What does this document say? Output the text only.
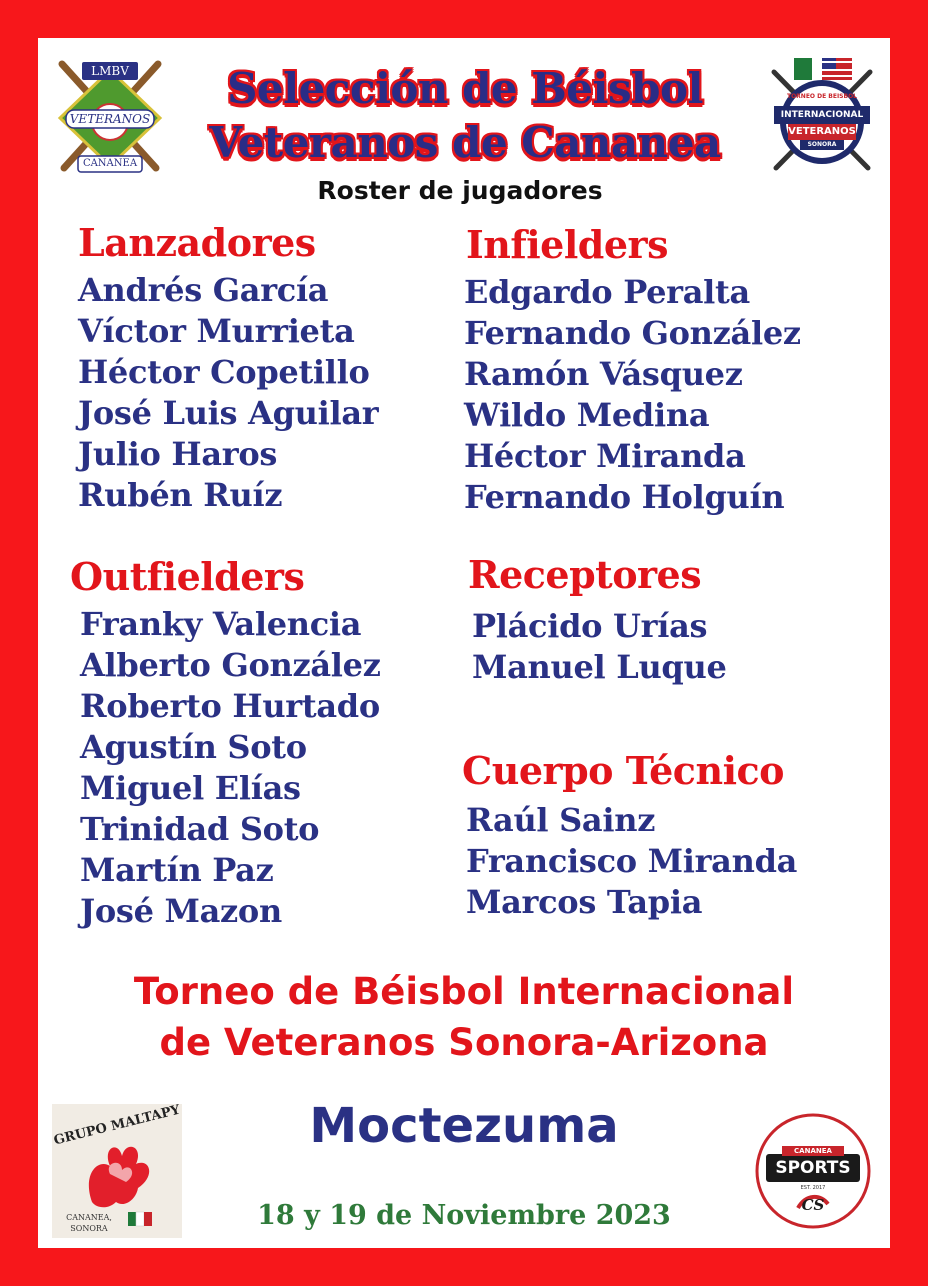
LMBV
VETERANOS
CANANEA
TORNEO DE BEISBOL
INTERNACIONAL
VETERANOS
SONORA
Selección de Béisbol
Veteranos de Cananea
Roster de jugadores
Lanzadores
Andrés García
Víctor Murrieta
Héctor Copetillo
José Luis Aguilar
Julio Haros
Rubén Ruíz
Infielders
Edgardo Peralta
Fernando González
Ramón Vásquez
Wildo Medina
Héctor Miranda
Fernando Holguín
Outfielders
Franky Valencia
Alberto González
Roberto Hurtado
Agustín Soto
Miguel Elías
Trinidad Soto
Martín Paz
José Mazon
Receptores
Plácido Urías
Manuel Luque
Cuerpo Técnico
Raúl Sainz
Francisco Miranda
Marcos Tapia
Torneo de Béisbol Internacional
de Veteranos Sonora-Arizona
Moctezuma
18 y 19 de Noviembre 2023
GRUPO MALTAPY
CANANEA, SONORA
CANANEA
SPORTS
EST. 2017
CS
